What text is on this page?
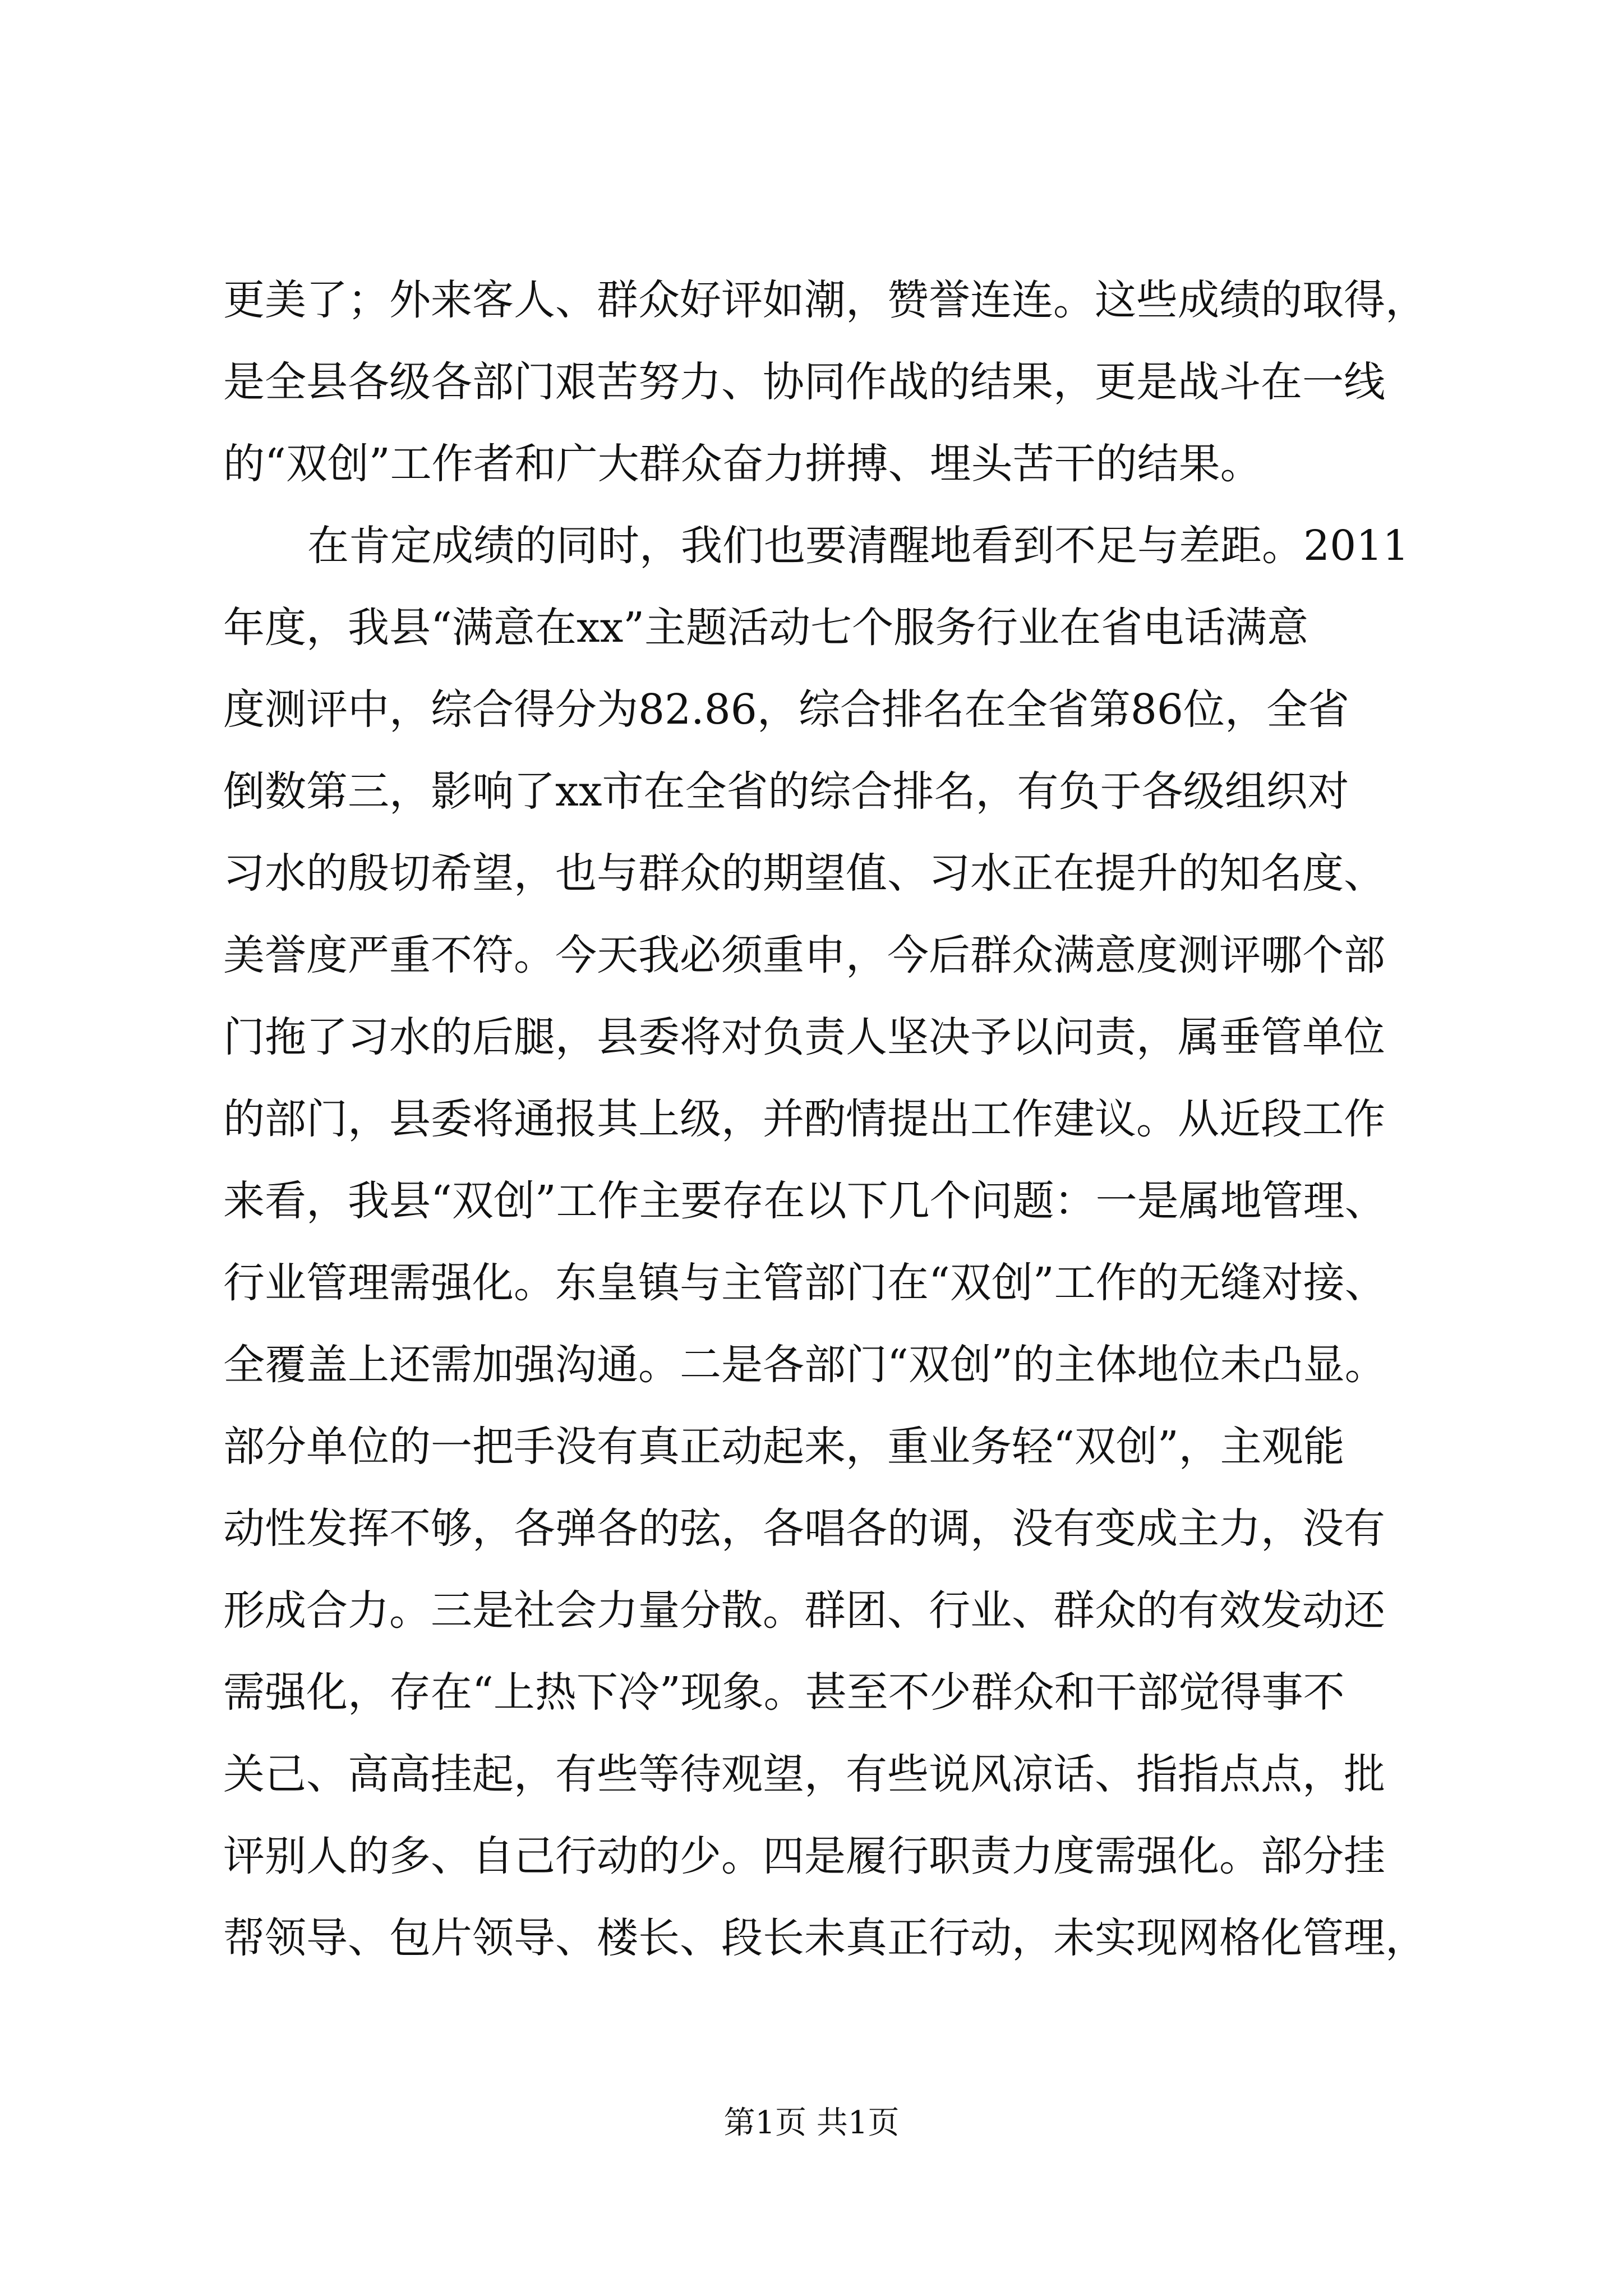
更美了；外来客人、群众好评如潮，赞誉连连。这些成绩的取得，
是全县各级各部门艰苦努力、协同作战的结果，更是战斗在一线
的“双创”工作者和广大群众奋力拼搏、埋头苦干的结果。
在肯定成绩的同时，我们也要清醒地看到不足与差距。2011
年度，我县“满意在xx”主题活动七个服务行业在省电话满意
度测评中，综合得分为82.86，综合排名在全省第86位，全省
倒数第三，影响了xx市在全省的综合排名，有负于各级组织对
习水的殷切希望，也与群众的期望值、习水正在提升的知名度、
美誉度严重不符。今天我必须重申，今后群众满意度测评哪个部
门拖了习水的后腿，县委将对负责人坚决予以问责，属垂管单位
的部门，县委将通报其上级，并酌情提出工作建议。从近段工作
来看，我县“双创”工作主要存在以下几个问题：一是属地管理、
行业管理需强化。东皇镇与主管部门在“双创”工作的无缝对接、
全覆盖上还需加强沟通。二是各部门“双创”的主体地位未凸显。
部分单位的一把手没有真正动起来，重业务轻“双创”，主观能
动性发挥不够，各弹各的弦，各唱各的调，没有变成主力，没有
形成合力。三是社会力量分散。群团、行业、群众的有效发动还
需强化，存在“上热下冷”现象。甚至不少群众和干部觉得事不
关己、高高挂起，有些等待观望，有些说风凉话、指指点点，批
评别人的多、自己行动的少。四是履行职责力度需强化。部分挂
帮领导、包片领导、楼长、段长未真正行动，未实现网格化管理，
第1页 共1页
